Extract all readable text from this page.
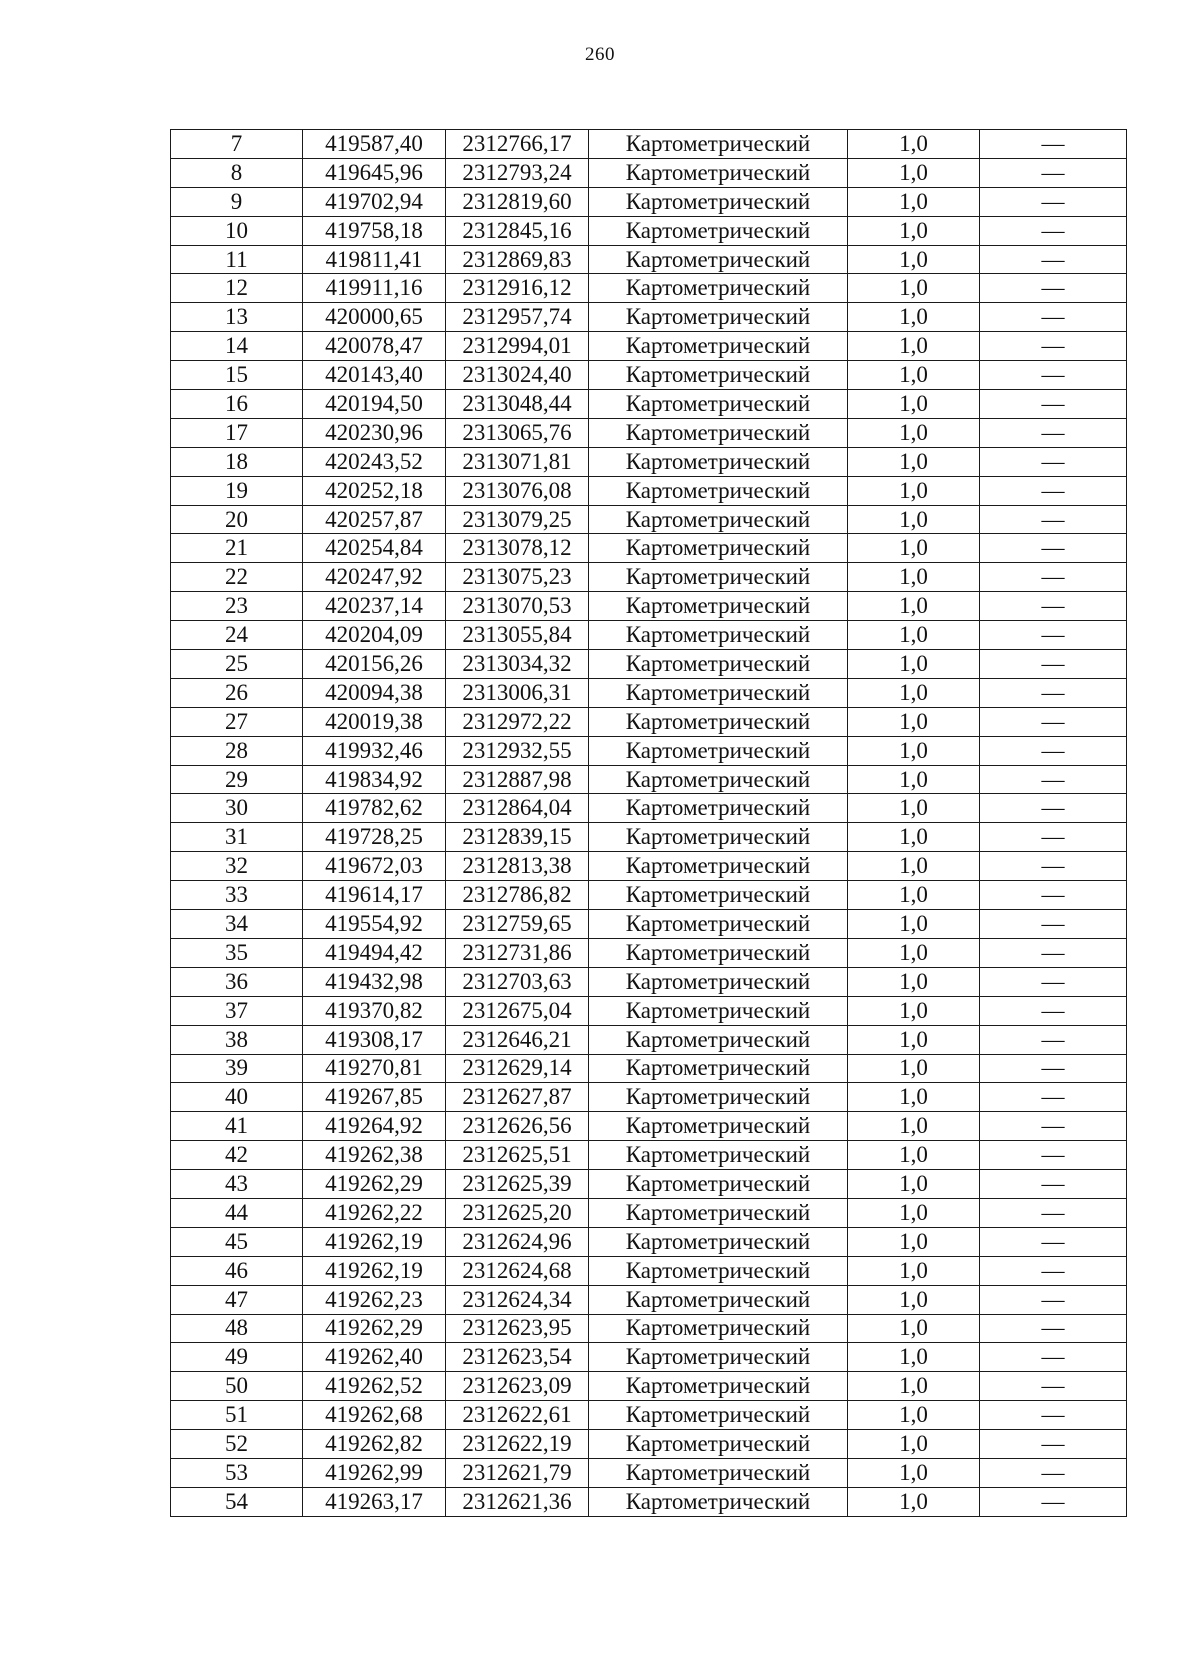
260
7	419587,40	2312766,17	Картометрический	1,0	—
8	419645,96	2312793,24	Картометрический	1,0	—
9	419702,94	2312819,60	Картометрический	1,0	—
10	419758,18	2312845,16	Картометрический	1,0	—
11	419811,41	2312869,83	Картометрический	1,0	—
12	419911,16	2312916,12	Картометрический	1,0	—
13	420000,65	2312957,74	Картометрический	1,0	—
14	420078,47	2312994,01	Картометрический	1,0	—
15	420143,40	2313024,40	Картометрический	1,0	—
16	420194,50	2313048,44	Картометрический	1,0	—
17	420230,96	2313065,76	Картометрический	1,0	—
18	420243,52	2313071,81	Картометрический	1,0	—
19	420252,18	2313076,08	Картометрический	1,0	—
20	420257,87	2313079,25	Картометрический	1,0	—
21	420254,84	2313078,12	Картометрический	1,0	—
22	420247,92	2313075,23	Картометрический	1,0	—
23	420237,14	2313070,53	Картометрический	1,0	—
24	420204,09	2313055,84	Картометрический	1,0	—
25	420156,26	2313034,32	Картометрический	1,0	—
26	420094,38	2313006,31	Картометрический	1,0	—
27	420019,38	2312972,22	Картометрический	1,0	—
28	419932,46	2312932,55	Картометрический	1,0	—
29	419834,92	2312887,98	Картометрический	1,0	—
30	419782,62	2312864,04	Картометрический	1,0	—
31	419728,25	2312839,15	Картометрический	1,0	—
32	419672,03	2312813,38	Картометрический	1,0	—
33	419614,17	2312786,82	Картометрический	1,0	—
34	419554,92	2312759,65	Картометрический	1,0	—
35	419494,42	2312731,86	Картометрический	1,0	—
36	419432,98	2312703,63	Картометрический	1,0	—
37	419370,82	2312675,04	Картометрический	1,0	—
38	419308,17	2312646,21	Картометрический	1,0	—
39	419270,81	2312629,14	Картометрический	1,0	—
40	419267,85	2312627,87	Картометрический	1,0	—
41	419264,92	2312626,56	Картометрический	1,0	—
42	419262,38	2312625,51	Картометрический	1,0	—
43	419262,29	2312625,39	Картометрический	1,0	—
44	419262,22	2312625,20	Картометрический	1,0	—
45	419262,19	2312624,96	Картометрический	1,0	—
46	419262,19	2312624,68	Картометрический	1,0	—
47	419262,23	2312624,34	Картометрический	1,0	—
48	419262,29	2312623,95	Картометрический	1,0	—
49	419262,40	2312623,54	Картометрический	1,0	—
50	419262,52	2312623,09	Картометрический	1,0	—
51	419262,68	2312622,61	Картометрический	1,0	—
52	419262,82	2312622,19	Картометрический	1,0	—
53	419262,99	2312621,79	Картометрический	1,0	—
54	419263,17	2312621,36	Картометрический	1,0	—
